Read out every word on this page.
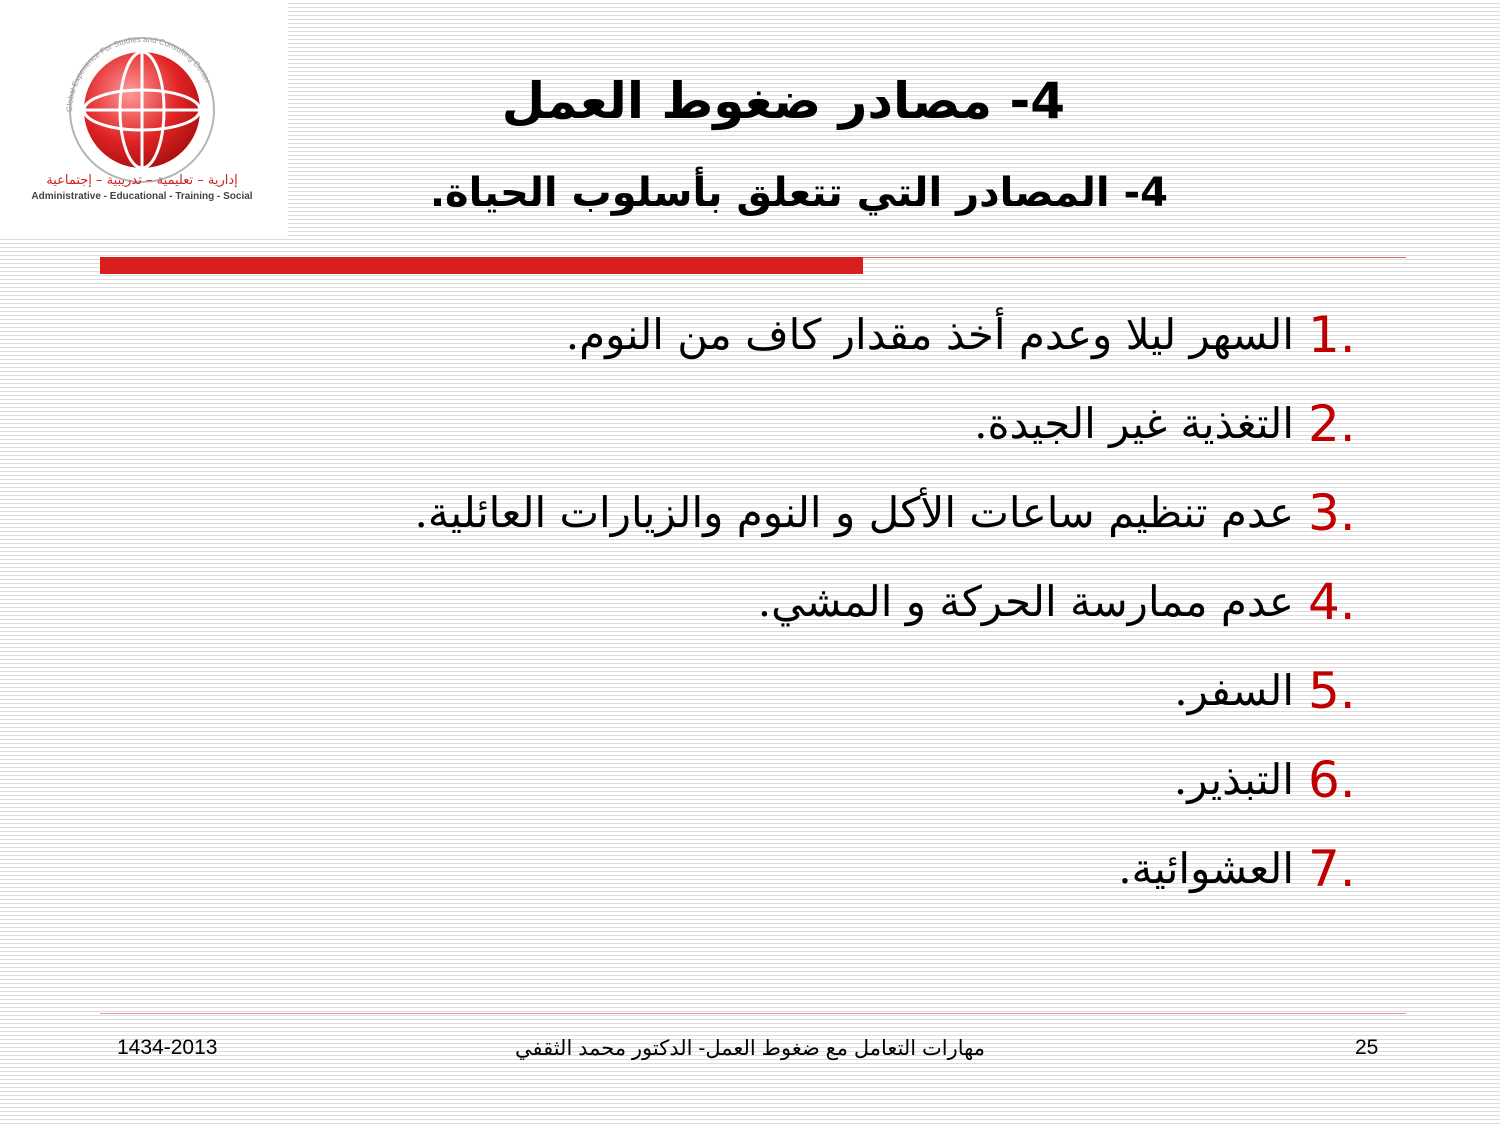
Global Experience For Studies and Consulting Center
إدارية – تعليمية – تدريبية – إجتماعية
Administrative - Educational - Training - Social
4- مصادر ضغوط العمل
4- المصادر التي تتعلق بأسلوب الحياة.
السهر ليلا وعدم أخذ مقدار كاف من النوم. 1.
التغذية غير الجيدة. 2.
عدم تنظيم ساعات الأكل و النوم والزيارات العائلية. 3.
عدم ممارسة الحركة و المشي. 4.
السفر. 5.
التبذير. 6.
العشوائية. 7.
1434-2013	مهارات التعامل مع ضغوط العمل- الدكتور محمد الثقفي	25
